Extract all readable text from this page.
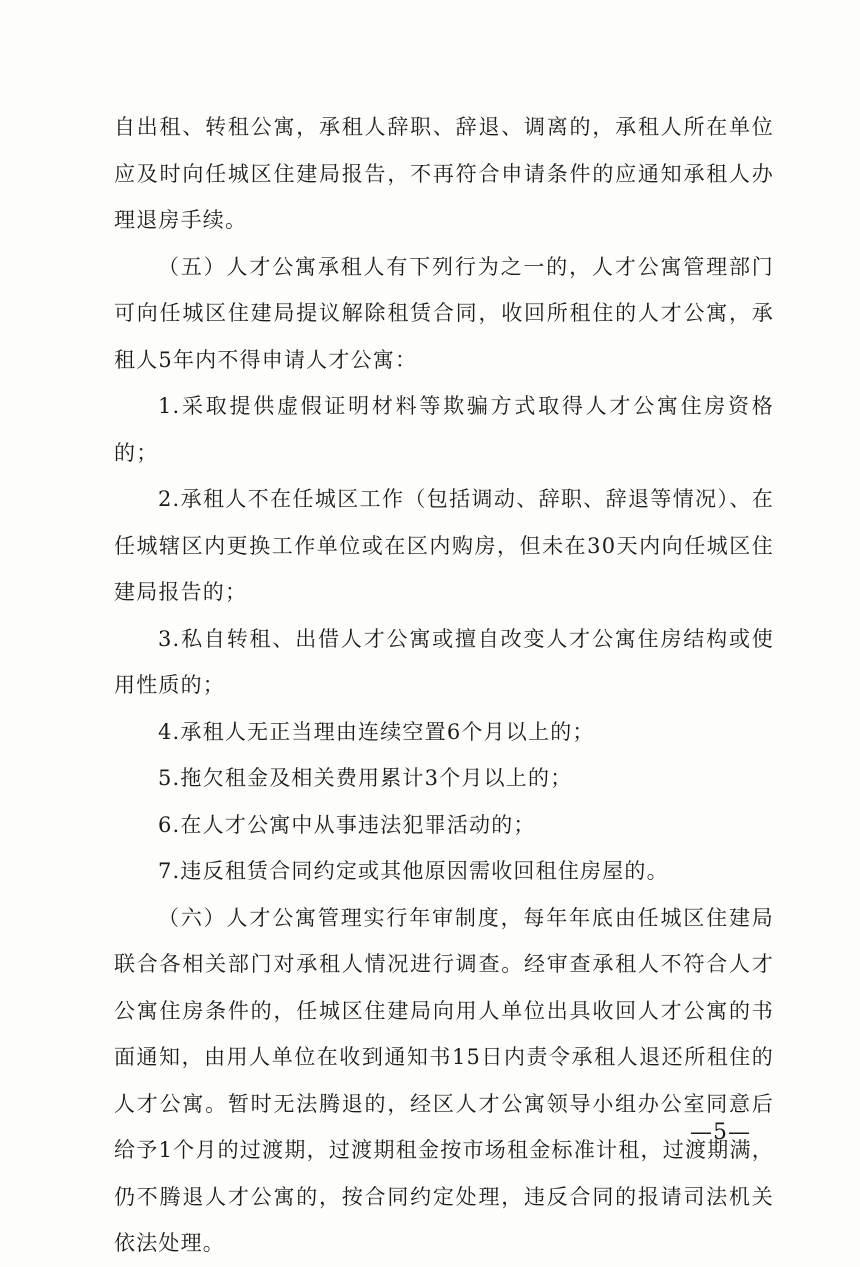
自出租、转租公寓，承租人辞职、辞退、调离的，承租人所在单位应及时向任城区住建局报告，不再符合申请条件的应通知承租人办理退房手续。

（五）人才公寓承租人有下列行为之一的，人才公寓管理部门可向任城区住建局提议解除租赁合同，收回所租住的人才公寓，承租人5年内不得申请人才公寓：

1.采取提供虚假证明材料等欺骗方式取得人才公寓住房资格的；

2.承租人不在任城区工作（包括调动、辞职、辞退等情况）、在任城辖区内更换工作单位或在区内购房，但未在30天内向任城区住建局报告的；

3.私自转租、出借人才公寓或擅自改变人才公寓住房结构或使用性质的；

4.承租人无正当理由连续空置6个月以上的；

5.拖欠租金及相关费用累计3个月以上的；

6.在人才公寓中从事违法犯罪活动的；

7.违反租赁合同约定或其他原因需收回租住房屋的。

（六）人才公寓管理实行年审制度，每年年底由任城区住建局联合各相关部门对承租人情况进行调查。经审查承租人不符合人才公寓住房条件的，任城区住建局向用人单位出具收回人才公寓的书面通知，由用人单位在收到通知书15日内责令承租人退还所租住的人才公寓。暂时无法腾退的，经区人才公寓领导小组办公室同意后给予1个月的过渡期，过渡期租金按市场租金标准计租，过渡期满，仍不腾退人才公寓的，按合同约定处理，违反合同的报请司法机关依法处理。

—5—
